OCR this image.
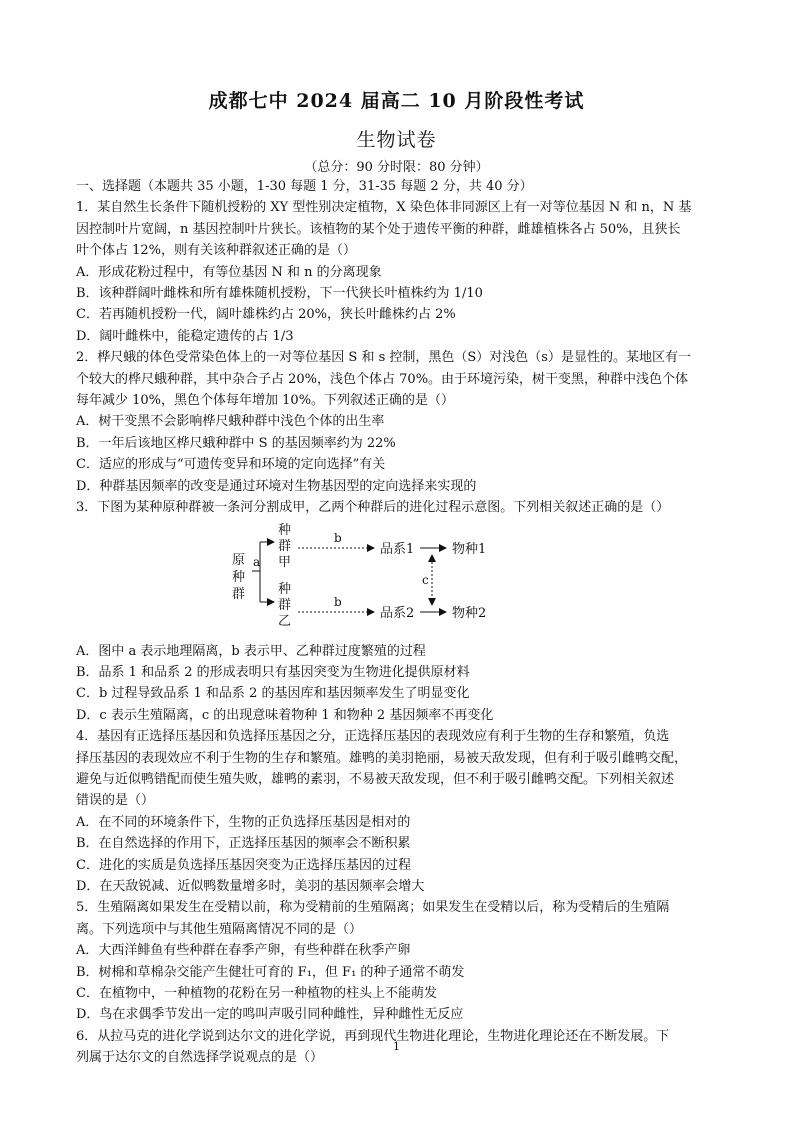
成都七中 2024 届高二 10 月阶段性考试
生物试卷
（总分：90 分时限：80 分钟）

一、选择题（本题共 35 小题，1-30 每题 1 分，31-35 每题 2 分，共 40 分）

1．某自然生长条件下随机授粉的 XY 型性别决定植物，X 染色体非同源区上有一对等位基因 N 和 n，N 基

因控制叶片宽阔，n 基因控制叶片狭长。该植物的某个处于遗传平衡的种群，雌雄植株各占 50%，且狭长

叶个体占 12%，则有关该种群叙述正确的是（）

A．形成花粉过程中，有等位基因 N 和 n 的分离现象

B．该种群阔叶雌株和所有雄株随机授粉，下一代狭长叶植株约为 1/10

C．若再随机授粉一代，阔叶雄株约占 20%，狭长叶雌株约占 2%

D．阔叶雌株中，能稳定遗传的占 1/3

2．桦尺蛾的体色受常染色体上的一对等位基因 S 和 s 控制，黑色（S）对浅色（s）是显性的。某地区有一

个较大的桦尺蛾种群，其中杂合子占 20%，浅色个体占 70%。由于环境污染，树干变黑，种群中浅色个体

每年减少 10%，黑色个体每年增加 10%。下列叙述正确的是（）

A．树干变黑不会影响桦尺蛾种群中浅色个体的出生率

B．一年后该地区桦尺蛾种群中 S 的基因频率约为 22%

C．适应的形成与“可遗传变异和环境的定向选择”有关

D．种群基因频率的改变是通过环境对生物基因型的定向选择来实现的

3．下图为某种原种群被一条河分割成甲，乙两个种群后的进化过程示意图。下列相关叙述正确的是（）

原
种
群
a
种
群
甲
种
群
乙
b
b
品系1
品系2
物种1
物种2
c

A．图中 a 表示地理隔离，b 表示甲、乙种群过度繁殖的过程

B．品系 1 和品系 2 的形成表明只有基因突变为生物进化提供原材料

C．b 过程导致品系 1 和品系 2 的基因库和基因频率发生了明显变化

D．c 表示生殖隔离，c 的出现意味着物种 1 和物种 2 基因频率不再变化

4．基因有正选择压基因和负选择压基因之分，正选择压基因的表现效应有利于生物的生存和繁殖，负选

择压基因的表现效应不利于生物的生存和繁殖。雄鸭的美羽艳丽，易被天敌发现，但有利于吸引雌鸭交配，

避免与近似鸭错配而使生殖失败，雄鸭的素羽，不易被天敌发现，但不利于吸引雌鸭交配。下列相关叙述

错误的是（）

A．在不同的环境条件下，生物的正负选择压基因是相对的

B．在自然选择的作用下，正选择压基因的频率会不断积累

C．进化的实质是负选择压基因突变为正选择压基因的过程

D．在天敌锐减、近似鸭数量增多时，美羽的基因频率会增大

5．生殖隔离如果发生在受精以前，称为受精前的生殖隔离；如果发生在受精以后，称为受精后的生殖隔

离。下列选项中与其他生殖隔离情况不同的是（）

A．大西洋鲱鱼有些种群在春季产卵，有些种群在秋季产卵

B．树棉和草棉杂交能产生健壮可育的 F₁，但 F₁ 的种子通常不萌发

C．在植物中，一种植物的花粉在另一种植物的柱头上不能萌发

D．鸟在求偶季节发出一定的鸣叫声吸引同种雌性，异种雌性无反应

6．从拉马克的进化学说到达尔文的进化学说，再到现代生物进化理论，生物进化理论还在不断发展。下

列属于达尔文的自然选择学说观点的是（）

1
